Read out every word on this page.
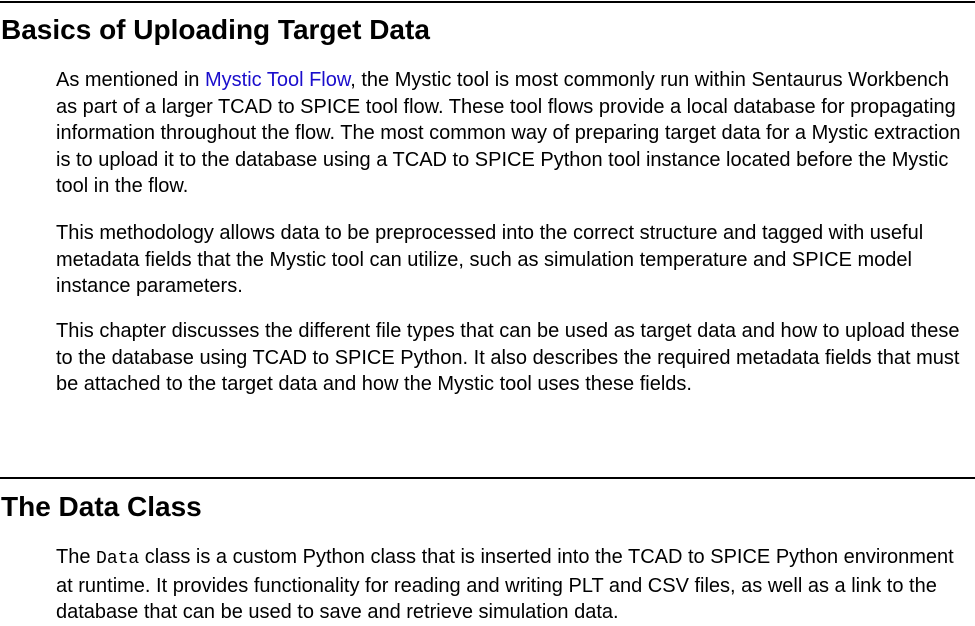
Basics of Uploading Target Data

As mentioned in Mystic Tool Flow, the Mystic tool is most commonly run within Sentaurus Workbench as part of a larger TCAD to SPICE tool flow. These tool flows provide a local database for propagating information throughout the flow. The most common way of preparing target data for a Mystic extraction is to upload it to the database using a TCAD to SPICE Python tool instance located before the Mystic tool in the flow.

This methodology allows data to be preprocessed into the correct structure and tagged with useful metadata fields that the Mystic tool can utilize, such as simulation temperature and SPICE model instance parameters.

This chapter discusses the different file types that can be used as target data and how to upload these to the database using TCAD to SPICE Python. It also describes the required metadata fields that must be attached to the target data and how the Mystic tool uses these fields.

The Data Class

The Data class is a custom Python class that is inserted into the TCAD to SPICE Python environment at runtime. It provides functionality for reading and writing PLT and CSV files, as well as a link to the database that can be used to save and retrieve simulation data.
